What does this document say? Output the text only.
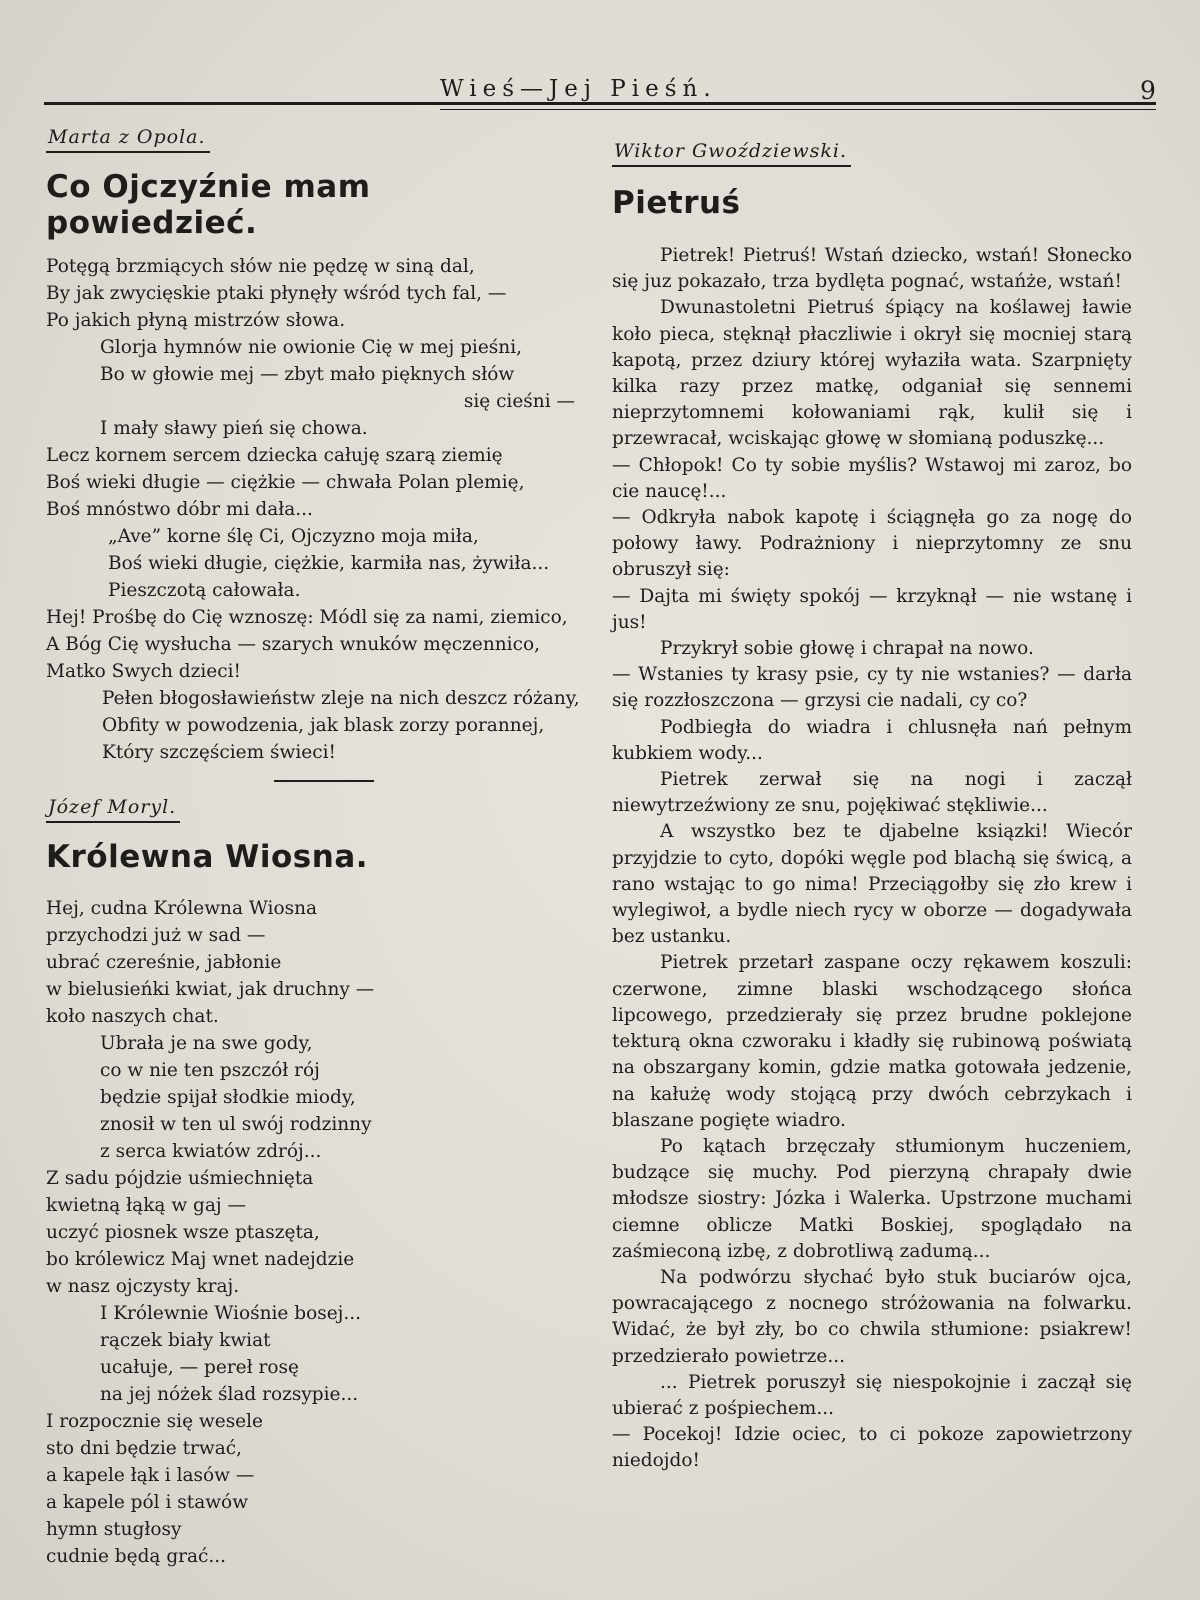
Wieś—Jej Pieśń.	9
Marta z Opola.
Co Ojczyźnie mam powiedzieć.
Potęgą brzmiących słów nie pędzę w siną dal,
By jak zwycięskie ptaki płynęły wśród tych fal, —
Po jakich płyną mistrzów słowa.
Glorja hymnów nie owionie Cię w mej pieśni,
Bo w głowie mej — zbyt mało pięknych słów
się cieśni —
I mały sławy pień się chowa.
Lecz kornem sercem dziecka całuję szarą ziemię
Boś wieki długie — ciężkie — chwała Polan plemię,
Boś mnóstwo dóbr mi dała...
„Ave” korne ślę Ci, Ojczyzno moja miła,
Boś wieki długie, ciężkie, karmiła nas, żywiła...
Pieszczotą całowała.
Hej! Prośbę do Cię wznoszę: Módl się za nami, ziemico,
A Bóg Cię wysłucha — szarych wnuków męczennico,
Matko Swych dzieci!
Pełen błogosławieństw zleje na nich deszcz różany,
Obfity w powodzenia, jak blask zorzy porannej,
Który szczęściem świeci!
Józef Moryl.
Królewna Wiosna.
Hej, cudna Królewna Wiosna
przychodzi już w sad —
ubrać czereśnie, jabłonie
w bielusieńki kwiat, jak druchny —
koło naszych chat.
Ubrała je na swe gody,
co w nie ten pszczół rój
będzie spijał słodkie miody,
znosił w ten ul swój rodzinny
z serca kwiatów zdrój...
Z sadu pójdzie uśmiechnięta
kwietną łąką w gaj —
uczyć piosnek wsze ptaszęta,
bo królewicz Maj wnet nadejdzie
w nasz ojczysty kraj.
I Królewnie Wiośnie bosej...
rączek biały kwiat
ucałuje, — pereł rosę
na jej nóżek ślad rozsypie...
I rozpocznie się wesele
sto dni będzie trwać,
a kapele łąk i lasów —
a kapele pól i stawów
hymn stugłosy
cudnie będą grać...
Wiktor Gwoździewski.
Pietruś

Pietrek! Pietruś! Wstań dziecko, wstań! Słonecko się juz pokazało, trza bydlęta pognać, wstańże, wstań!

Dwunastoletni Pietruś śpiący na koślawej ławie koło pieca, stęknął płaczliwie i okrył się mocniej starą kapotą, przez dziury której wyłaziła wata. Szarpnięty kilka razy przez matkę, odganiał się sennemi nieprzytomnemi kołowaniami rąk, kulił się i przewracał, wciskając głowę w słomianą poduszkę...

— Chłopok! Co ty sobie myślis? Wstawoj mi zaroz, bo cie naucę!...

— Odkryła nabok kapotę i ściągnęła go za nogę do połowy ławy. Podrażniony i nieprzytomny ze snu obruszył się:

— Dajta mi święty spokój — krzyknął — nie wstanę i jus!

Przykrył sobie głowę i chrapał na nowo.

— Wstanies ty krasy psie, cy ty nie wstanies? — darła się rozzłoszczona — grzysi cie nadali, cy co?

Podbiegła do wiadra i chlusnęła nań pełnym kubkiem wody...

Pietrek zerwał się na nogi i zaczął niewytrzeźwiony ze snu, pojękiwać stękliwie...

A wszystko bez te djabelne ksiązki! Wiecór przyjdzie to cyto, dopóki węgle pod blachą się świcą, a rano wstając to go nima! Przeciągołby się zło krew i wylegiwoł, a bydle niech rycy w oborze — dogadywała bez ustanku.

Pietrek przetarł zaspane oczy rękawem koszuli: czerwone, zimne blaski wschodzącego słońca lipcowego, przedzierały się przez brudne poklejone tekturą okna czworaku i kładły się rubinową poświatą na obszargany komin, gdzie matka gotowała jedzenie, na kałużę wody stojącą przy dwóch cebrzykach i blaszane pogięte wiadro.

Po kątach brzęczały stłumionym huczeniem, budzące się muchy. Pod pierzyną chrapały dwie młodsze siostry: Józka i Walerka. Upstrzone muchami ciemne oblicze Matki Boskiej, spoglądało na zaśmieconą izbę, z dobrotliwą zadumą...

Na podwórzu słychać było stuk buciarów ojca, powracającego z nocnego stróżowania na folwarku. Widać, że był zły, bo co chwila stłumione: psiakrew! przedzierało powietrze...

... Pietrek poruszył się niespokojnie i zaczął się ubierać z pośpiechem...

— Pocekoj! Idzie ociec, to ci pokoze zapowietrzony niedojdo!
